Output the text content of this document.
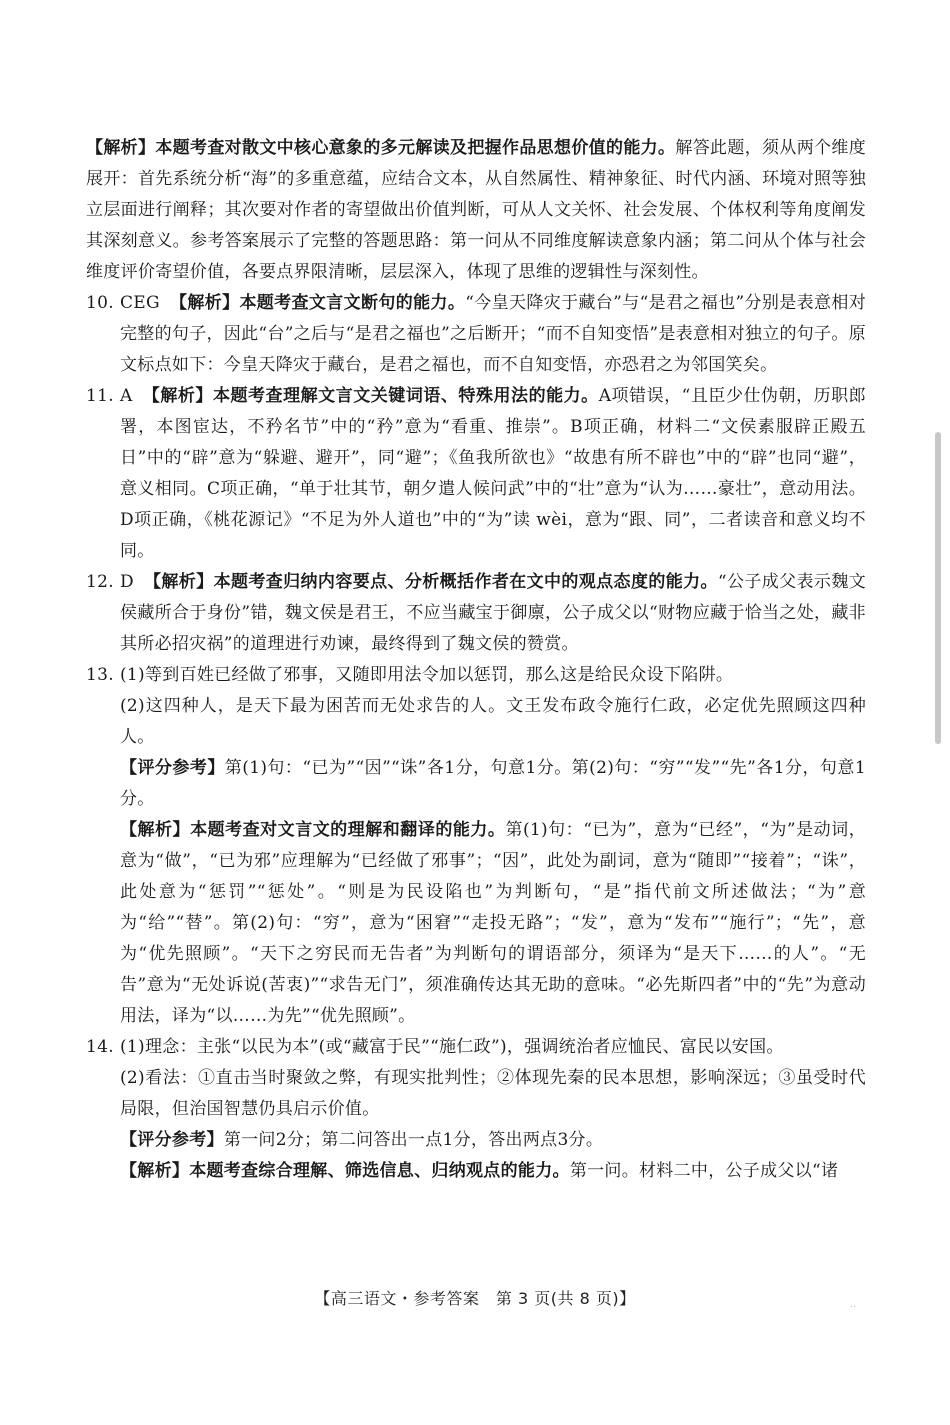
【解析】本题考查对散文中核心意象的多元解读及把握作品思想价值的能力。解答此题，须从两个维度展开：首先系统分析“海”的多重意蕴，应结合文本，从自然属性、精神象征、时代内涵、环境对照等独立层面进行阐释；其次要对作者的寄望做出价值判断，可从人文关怀、社会发展、个体权利等角度阐发其深刻意义。参考答案展示了完整的答题思路：第一问从不同维度解读意象内涵；第二问从个体与社会维度评价寄望价值，各要点界限清晰，层层深入，体现了思维的逻辑性与深刻性。

10. CEG 【解析】本题考查文言文断句的能力。“今皇天降灾于藏台”与“是君之福也”分别是表意相对完整的句子，因此“台”之后与“是君之福也”之后断开；“而不自知变悟”是表意相对独立的句子。原文标点如下：今皇天降灾于藏台，是君之福也，而不自知变悟，亦恐君之为邻国笑矣。

11. A 【解析】本题考查理解文言文关键词语、特殊用法的能力。A项错误，“且臣少仕伪朝，历职郎署，本图宦达，不矜名节”中的“矜”意为“看重、推崇”。B项正确，材料二“文侯素服辟正殿五日”中的“辟”意为“躲避、避开”，同“避”；《鱼我所欲也》“故患有所不辟也”中的“辟”也同“避”，意义相同。C项正确，“单于壮其节，朝夕遣人候问武”中的“壮”意为“认为……豪壮”，意动用法。D项正确，《桃花源记》“不足为外人道也”中的“为”读 wèi，意为“跟、同”，二者读音和意义均不同。

12. D 【解析】本题考查归纳内容要点、分析概括作者在文中的观点态度的能力。“公子成父表示魏文侯藏所合于身份”错，魏文侯是君王，不应当藏宝于御廪，公子成父以“财物应藏于恰当之处，藏非其所必招灾祸”的道理进行劝谏，最终得到了魏文侯的赞赏。

13. (1)等到百姓已经做了邪事，又随即用法令加以惩罚，那么这是给民众设下陷阱。

(2)这四种人，是天下最为困苦而无处求告的人。文王发布政令施行仁政，必定优先照顾这四种人。

【评分参考】第(1)句：“已为”“因”“诛”各1分，句意1分。第(2)句：“穷”“发”“先”各1分，句意1分。

【解析】本题考查对文言文的理解和翻译的能力。第(1)句：“已为”，意为“已经”，“为”是动词，意为“做”，“已为邪”应理解为“已经做了邪事”；“因”，此处为副词，意为“随即”“接着”；“诛”，此处意为“惩罚”“惩处”。“则是为民设陷也”为判断句，“是”指代前文所述做法；“为”意为“给”“替”。第(2)句：“穷”，意为“困窘”“走投无路”；“发”，意为“发布”“施行”；“先”，意为“优先照顾”。“天下之穷民而无告者”为判断句的谓语部分，须译为“是天下……的人”。“无告”意为“无处诉说(苦衷)”“求告无门”，须准确传达其无助的意味。“必先斯四者”中的“先”为意动用法，译为“以……为先”“优先照顾”。

14. (1)理念：主张“以民为本”(或“藏富于民”“施仁政”)，强调统治者应恤民、富民以安国。

(2)看法：①直击当时聚敛之弊，有现实批判性；②体现先秦的民本思想，影响深远；③虽受时代局限，但治国智慧仍具启示价值。

【评分参考】第一问2分；第二问答出一点1分，答出两点3分。

【解析】本题考查综合理解、筛选信息、归纳观点的能力。第一问。材料二中，公子成父以“诸

【高三语文・参考答案　第 3 页(共 8 页)】	··
